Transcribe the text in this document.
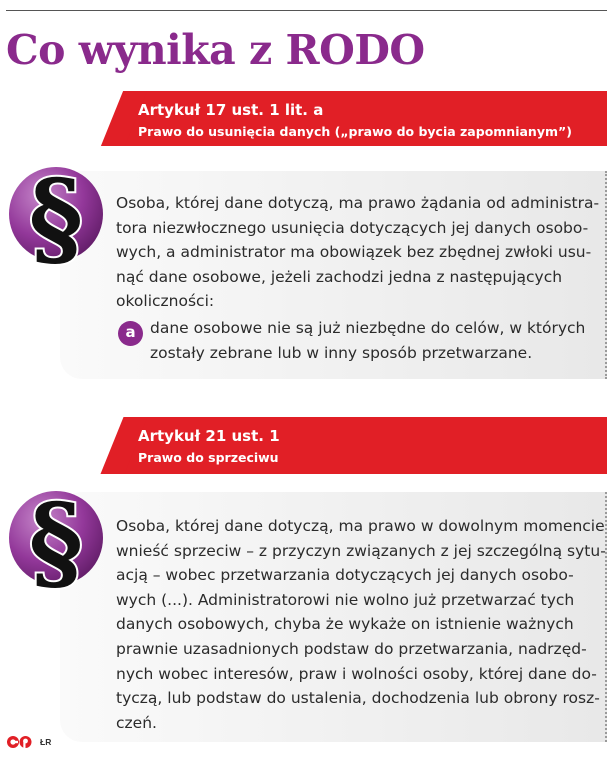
Co wynika z RODO
Artykuł 17 ust. 1 lit. a
Prawo do usunięcia danych („prawo do bycia zapomnianym”)
§ Osoba, której dane dotyczą, ma prawo żądania od administra-
tora niezwłocznego usunięcia dotyczących jej danych osobo-
wych, a administrator ma obowiązek bez zbędnej zwłoki usu-
nąć dane osobowe, jeżeli zachodzi jedna z następujących
okoliczności:
a dane osobowe nie są już niezbędne do celów, w których
zostały zebrane lub w inny sposób przetwarzane.
Artykuł 21 ust. 1
Prawo do sprzeciwu
§ Osoba, której dane dotyczą, ma prawo w dowolnym momencie
wnieść sprzeciw – z przyczyn związanych z jej szczególną sytu-
acją – wobec przetwarzania dotyczących jej danych osobo-
wych (...). Administratorowi nie wolno już przetwarzać tych
danych osobowych, chyba że wykaże on istnienie ważnych
prawnie uzasadnionych podstaw do przetwarzania, nadrzęd-
nych wobec interesów, praw i wolności osoby, której dane do-
tyczą, lub podstaw do ustalenia, dochodzenia lub obrony rosz-
czeń.
ŁR
